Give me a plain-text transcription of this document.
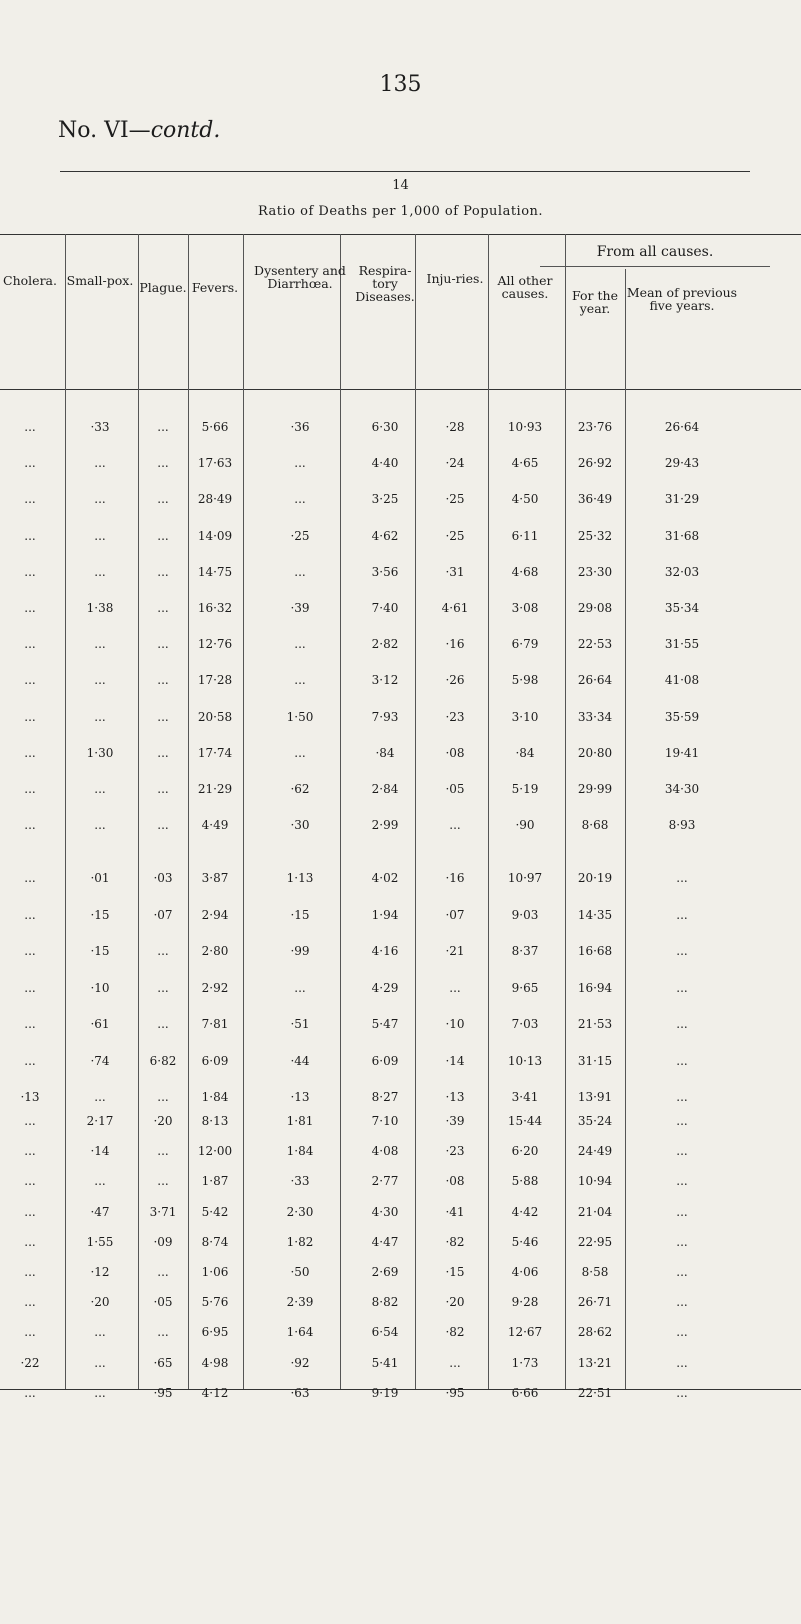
135
No. VI—contd.
14
Ratio of Deaths per 1,000 of Population.
From all causes.
Cholera. Small-pox. Plague. Fevers.
Dysentery and Diarrhœa.
Respira-tory Diseases.
Inju-ries.	All other causes.	For the year.
Mean of previous five years.
...	·33	...	5·66	·36	6·30	·28	10·93	23·76	26·64
...	...	...	17·63	...	4·40	·24	4·65	26·92	29·43
...	...	...	28·49	...	3·25	·25	4·50	36·49	31·29
...	...	...	14·09	·25	4·62	·25	6·11	25·32	31·68
...	...	...	14·75	...	3·56	·31	4·68	23·30	32·03
...	1·38	...	16·32	·39	7·40	4·61	3·08	29·08	35·34
...	...	...	12·76	...	2·82	·16	6·79	22·53	31·55
...	...	...	17·28	...	3·12	·26	5·98	26·64	41·08
...	...	...	20·58	1·50	7·93	·23	3·10	33·34	35·59
...	1·30	...	17·74	...	·84	·08	·84	20·80	19·41
...	...	...	21·29	·62	2·84	·05	5·19	29·99	34·30
...	...	...	4·49	·30	2·99	...	·90	8·68	8·93
...	·01	·03	3·87	1·13	4·02	·16	10·97	20·19	...
...	·15	·07	2·94	·15	1·94	·07	9·03	14·35	...
...	·15	...	2·80	·99	4·16	·21	8·37	16·68	...
...	·10	...	2·92	...	4·29	...	9·65	16·94	...
...	·61	...	7·81	·51	5·47	·10	7·03	21·53	...
...	·74	6·82	6·09	·44	6·09	·14	10·13	31·15	...
·13	...	...	1·84	·13	8·27	·13	3·41	13·91	...
...	2·17	·20	8·13	1·81	7·10	·39	15·44	35·24	...
...	·14	...	12·00	1·84	4·08	·23	6·20	24·49	...
...	...	...	1·87	·33	2·77	·08	5·88	10·94	...
...	·47	3·71	5·42	2·30	4·30	·41	4·42	21·04	...
...	1·55	·09	8·74	1·82	4·47	·82	5·46	22·95	...
...	·12	...	1·06	·50	2·69	·15	4·06	8·58	...
...	·20	·05	5·76	2·39	8·82	·20	9·28	26·71	...
...	...	...	6·95	1·64	6·54	·82	12·67	28·62	...
·22	...	·65	4·98	·92	5·41	...	1·73	13·21	...
...	...	·95	4·12	·63	9·19	·95	6·66	22·51	...
